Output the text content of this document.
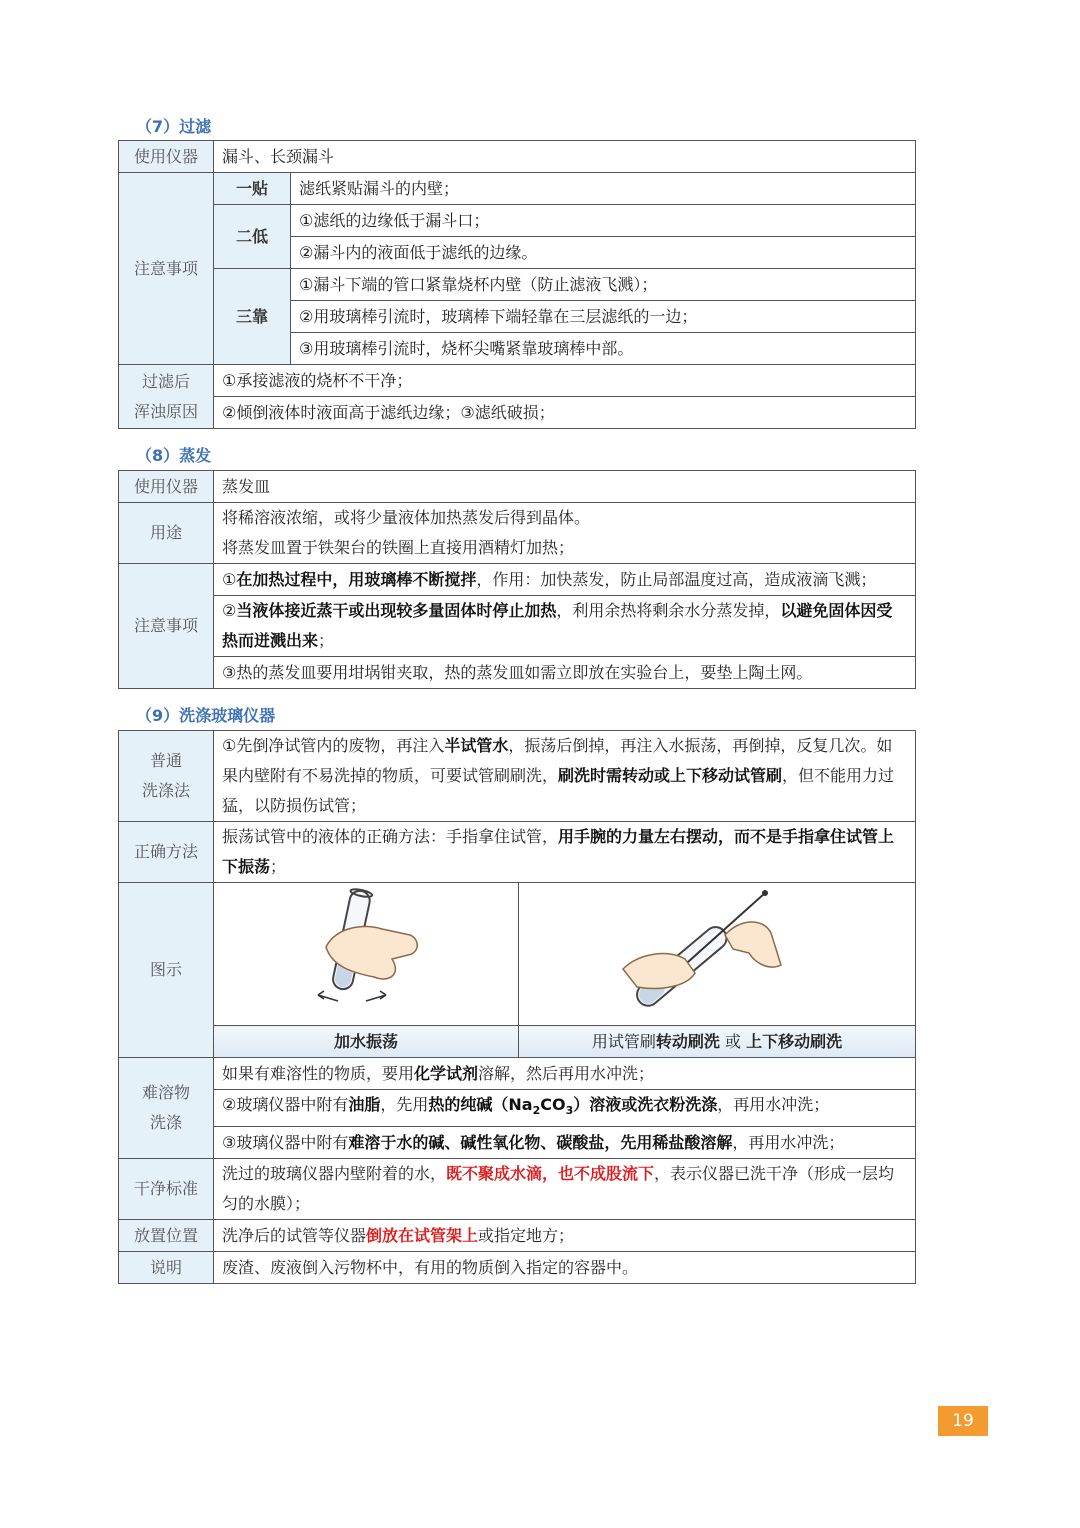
（7）过滤
使用仪器	漏斗、长颈漏斗	
注意事项	一贴	滤纸紧贴漏斗的内壁；
	二低	①滤纸的边缘低于漏斗口；
		②漏斗内的液面低于滤纸的边缘。
	三靠	①漏斗下端的管口紧靠烧杯内壁（防止滤液飞溅）；
		②用玻璃棒引流时，玻璃棒下端轻靠在三层滤纸的一边；
		③用玻璃棒引流时，烧杯尖嘴紧靠玻璃棒中部。
过滤后
浑浊原因	①承接滤液的烧杯不干净；	
	②倾倒液体时液面高于滤纸边缘；③滤纸破损；	
（8）蒸发
使用仪器	蒸发皿
用途	将稀溶液浓缩，或将少量液体加热蒸发后得到晶体。
将蒸发皿置于铁架台的铁圈上直接用酒精灯加热；
注意事项	①在加热过程中，用玻璃棒不断搅拌，作用：加快蒸发，防止局部温度过高，造成液滴飞溅；
	②当液体接近蒸干或出现较多量固体时停止加热，利用余热将剩余水分蒸发掉，以避免固体因受热而迸溅出来；
	③热的蒸发皿要用坩埚钳夹取，热的蒸发皿如需立即放在实验台上，要垫上陶土网。
（9）洗涤玻璃仪器
普通
洗涤法	①先倒净试管内的废物，再注入半试管水，振荡后倒掉，再注入水振荡，再倒掉，反复几次。如果内壁附有不易洗掉的物质，可要试管刷刷洗，刷洗时需转动或上下移动试管刷，但不能用力过猛，以防损伤试管；	
正确方法	振荡试管中的液体的正确方法：手指拿住试管，用手腕的力量左右摆动，而不是手指拿住试管上下振荡；	
图示		
	加水振荡	用试管刷转动刷洗 或 上下移动刷洗
难溶物
洗涤	如果有难溶性的物质，要用化学试剂溶解，然后再用水冲洗；	
	②玻璃仪器中附有油脂，先用热的纯碱$(Na_2CO_3)$溶液或洗衣粉洗涤，再用水冲洗；	
	③玻璃仪器中附有难溶于水的碱、碱性氧化物、碳酸盐，先用稀盐酸溶解，再用水冲洗；	
干净标准	洗过的玻璃仪器内壁附着的水，既不聚成水滴，也不成股流下，表示仪器已洗干净（形成一层均匀的水膜）；	
放置位置	洗净后的试管等仪器倒放在试管架上或指定地方；	
说明	废渣、废液倒入污物杯中，有用的物质倒入指定的容器中。	
19
